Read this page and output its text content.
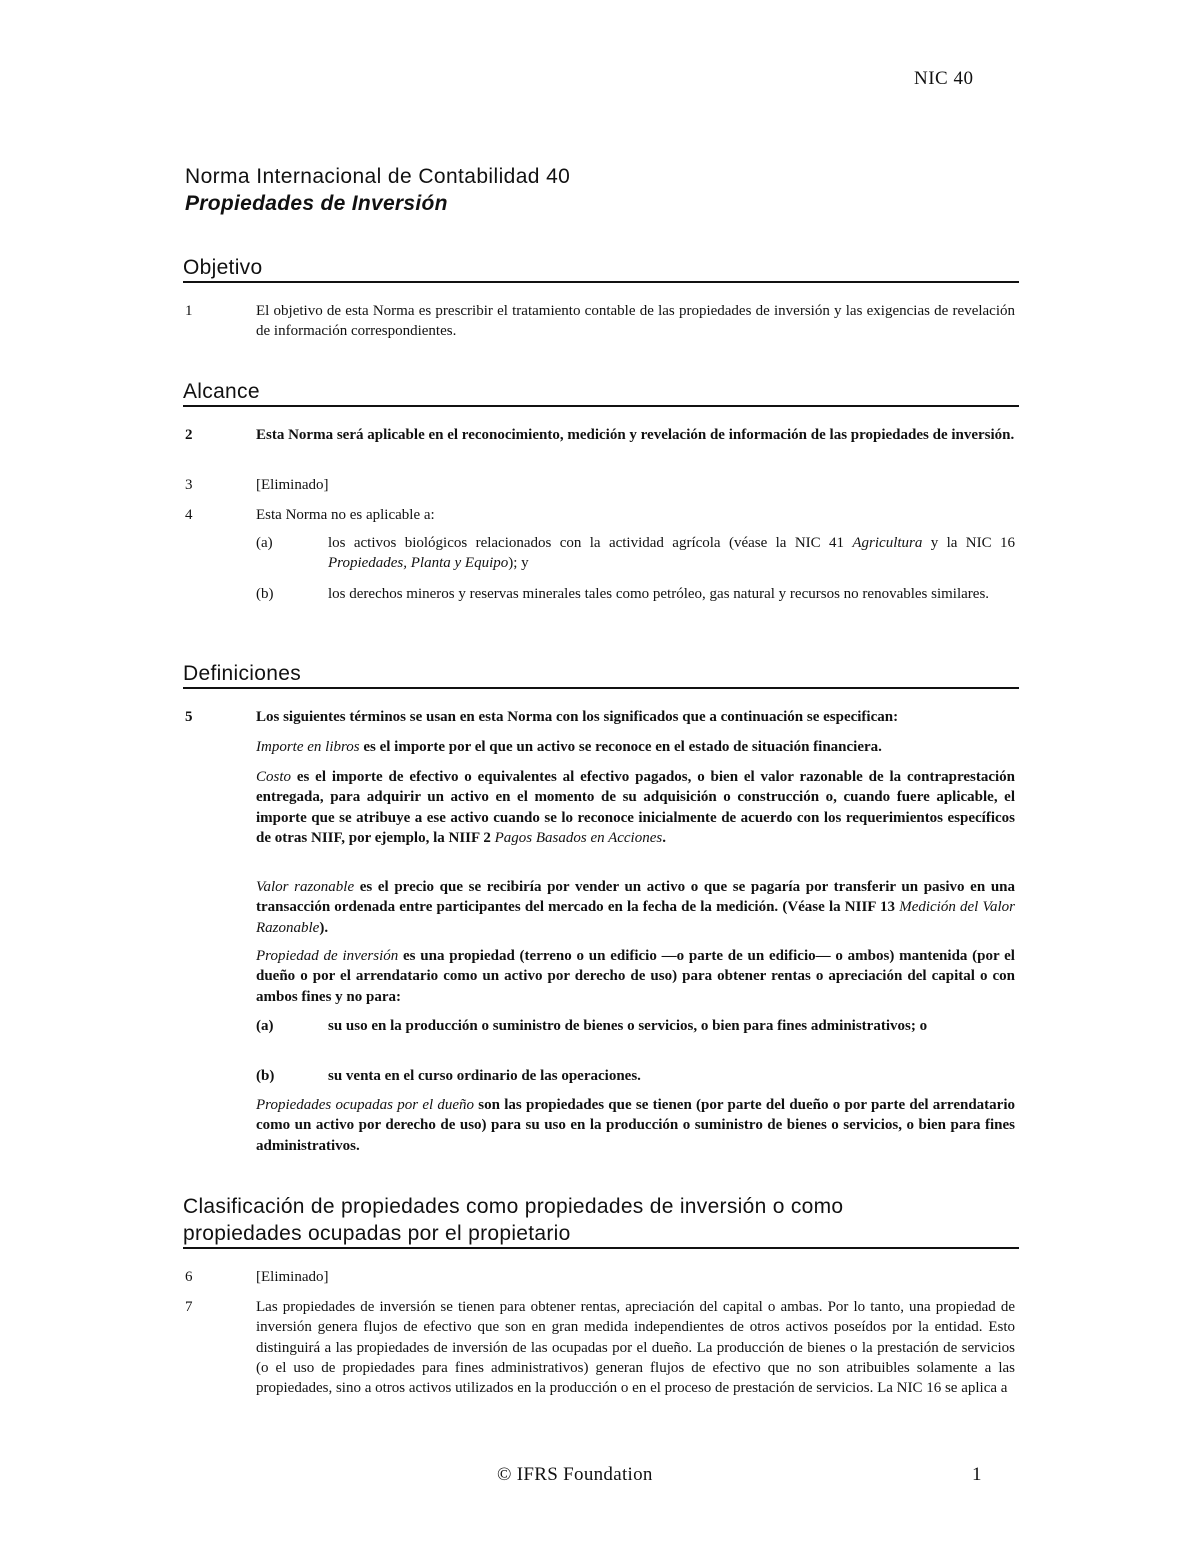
NIC 40
Norma Internacional de Contabilidad 40
Propiedades de Inversión
Objetivo
1	El objetivo de esta Norma es prescribir el tratamiento contable de las propiedades de inversión y las exigencias de revelación de información correspondientes.
Alcance
2	Esta Norma será aplicable en el reconocimiento, medición y revelación de información de las propiedades de inversión.
3	[Eliminado]
4	Esta Norma no es aplicable a:
(a)	los activos biológicos relacionados con la actividad agrícola (véase la NIC 41 Agricultura y la NIC 16 Propiedades, Planta y Equipo); y
(b)	los derechos mineros y reservas minerales tales como petróleo, gas natural y recursos no renovables similares.
Definiciones
5	Los siguientes términos se usan en esta Norma con los significados que a continuación se especifican:
Importe en libros es el importe por el que un activo se reconoce en el estado de situación financiera.
Costo es el importe de efectivo o equivalentes al efectivo pagados, o bien el valor razonable de la contraprestación entregada, para adquirir un activo en el momento de su adquisición o construcción o, cuando fuere aplicable, el importe que se atribuye a ese activo cuando se lo reconoce inicialmente de acuerdo con los requerimientos específicos de otras NIIF, por ejemplo, la NIIF 2 Pagos Basados en Acciones.
Valor razonable es el precio que se recibiría por vender un activo o que se pagaría por transferir un pasivo en una transacción ordenada entre participantes del mercado en la fecha de la medición. (Véase la NIIF 13 Medición del Valor Razonable).
Propiedad de inversión es una propiedad (terreno o un edificio —o parte de un edificio— o ambos) mantenida (por el dueño o por el arrendatario como un activo por derecho de uso) para obtener rentas o apreciación del capital o con ambos fines y no para:
(a)	su uso en la producción o suministro de bienes o servicios, o bien para fines administrativos; o
(b)	su venta en el curso ordinario de las operaciones.
Propiedades ocupadas por el dueño son las propiedades que se tienen (por parte del dueño o por parte del arrendatario como un activo por derecho de uso) para su uso en la producción o suministro de bienes o servicios, o bien para fines administrativos.
Clasificación de propiedades como propiedades de inversión o como
propiedades ocupadas por el propietario
6	[Eliminado]
7	Las propiedades de inversión se tienen para obtener rentas, apreciación del capital o ambas. Por lo tanto, una propiedad de inversión genera flujos de efectivo que son en gran medida independientes de otros activos poseídos por la entidad. Esto distinguirá a las propiedades de inversión de las ocupadas por el dueño. La producción de bienes o la prestación de servicios (o el uso de propiedades para fines administrativos) generan flujos de efectivo que no son atribuibles solamente a las propiedades, sino a otros activos utilizados en la producción o en el proceso de prestación de servicios. La NIC 16 se aplica a
© IFRS Foundation	1
